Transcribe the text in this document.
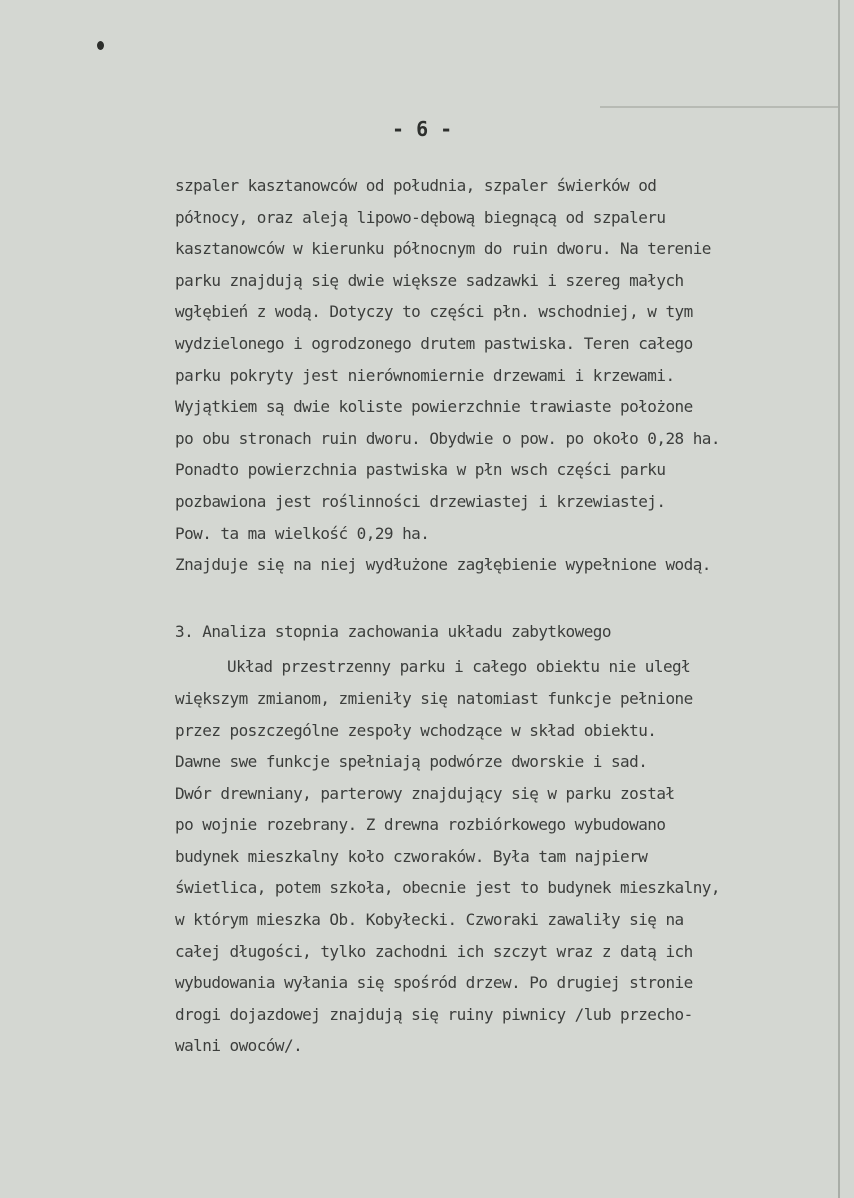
- 6 -
szpaler kasztanowców od południa, szpaler świerków od
północy, oraz aleją lipowo-dębową biegnącą od szpaleru
kasztanowców w kierunku północnym do ruin dworu. Na terenie
parku znajdują się dwie większe sadzawki i szereg małych
wgłębień z wodą. Dotyczy to części płn. wschodniej, w tym
wydzielonego i ogrodzonego drutem pastwiska. Teren całego
parku pokryty jest nierównomiernie drzewami i krzewami.
Wyjątkiem są dwie koliste powierzchnie trawiaste położone
po obu stronach ruin dworu. Obydwie o pow. po około 0,28 ha.
Ponadto powierzchnia pastwiska w płn wsch części parku
pozbawiona jest roślinności drzewiastej i krzewiastej.
Pow. ta ma wielkość 0,29 ha.
Znajduje się na niej wydłużone zagłębienie wypełnione wodą.
3. Analiza stopnia zachowania układu zabytkowego
Układ przestrzenny parku i całego obiektu nie uległ
większym zmianom, zmieniły się natomiast funkcje pełnione
przez poszczególne zespoły wchodzące w skład obiektu.
Dawne swe funkcje spełniają podwórze dworskie i sad.
Dwór drewniany, parterowy znajdujący się w parku został
po wojnie rozebrany. Z drewna rozbiórkowego wybudowano
budynek mieszkalny koło czworaków. Była tam najpierw
świetlica, potem szkoła, obecnie jest to budynek mieszkalny,
w którym mieszka Ob. Kobyłecki. Czworaki zawaliły się na
całej długości, tylko zachodni ich szczyt wraz z datą ich
wybudowania wyłania się spośród drzew. Po drugiej stronie
drogi dojazdowej znajdują się ruiny piwnicy /lub przecho-
walni owoców/.
